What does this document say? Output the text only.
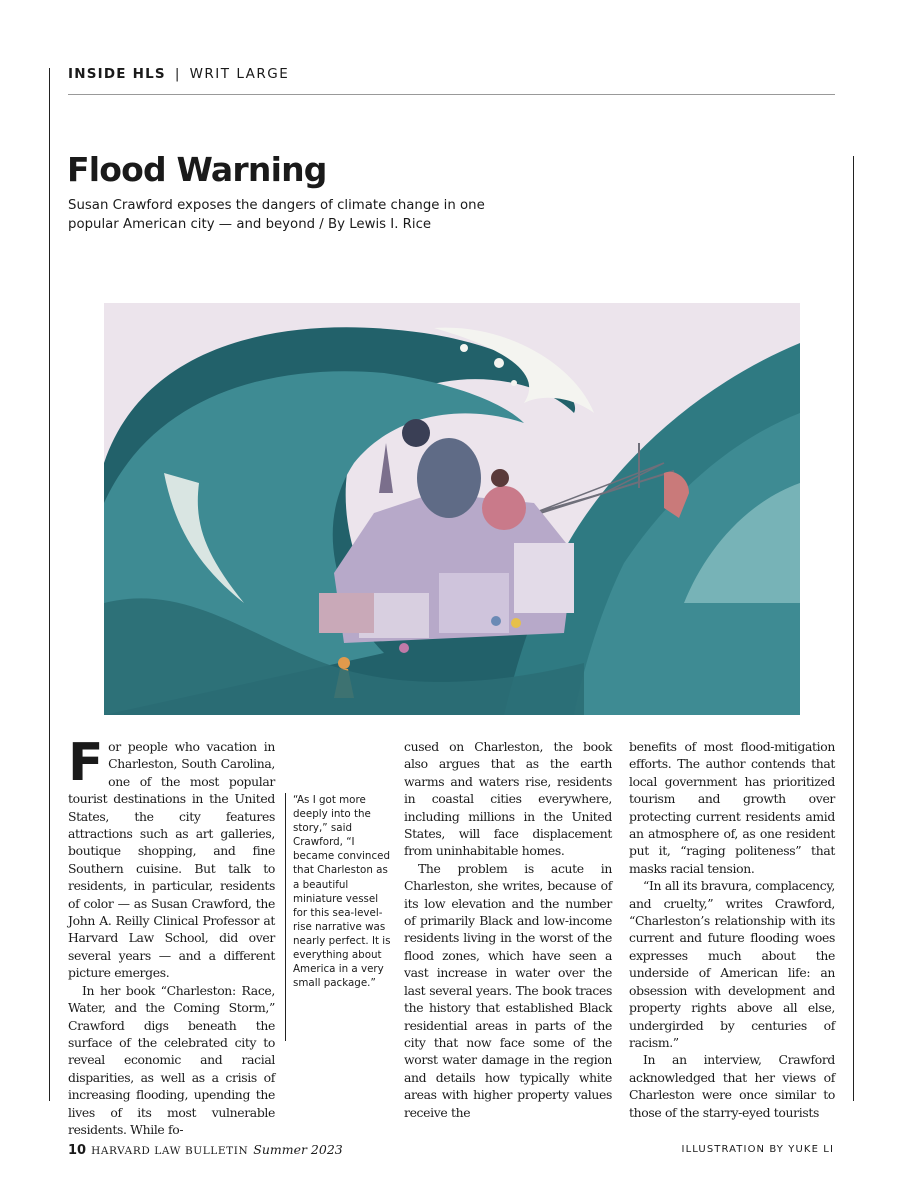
INSIDE HLS | WRIT LARGE
Flood Warning
Susan Crawford exposes the dangers of climate change in one popular American city — and beyond / By Lewis I. Rice

For people who vacation in Charleston, South Carolina, one of the most popular tourist destinations in the United States, the city features attractions such as art galleries, boutique shopping, and fine Southern cuisine. But talk to residents, in particular, residents of color — as Susan Crawford, the John A. Reilly Clinical Professor at Harvard Law School, did over several years — and a different picture emerges.

In her book “Charleston: Race, Water, and the Coming Storm,” Crawford digs beneath the surface of the celebrated city to reveal economic and racial disparities, as well as a crisis of increasing flooding, upending the lives of its most vulnerable residents. While fo-

“As I got more deeply into the story,” said Crawford, “I became convinced that Charleston as a beautiful miniature vessel for this sea-level-rise narrative was nearly perfect. It is everything about America in a very small package.”

cused on Charleston, the book also argues that as the earth warms and waters rise, residents in coastal cities everywhere, including millions in the United States, will face displacement from uninhabitable homes.

The problem is acute in Charleston, she writes, because of its low elevation and the number of primarily Black and low-income residents living in the worst of the flood zones, which have seen a vast increase in water over the last several years. The book traces the history that established Black residential areas in parts of the city that now face some of the worst water damage in the region and details how typically white areas with higher property values receive the

benefits of most flood-mitigation efforts. The author contends that local government has prioritized tourism and growth over protecting current residents amid an atmosphere of, as one resident put it, “raging politeness” that masks racial tension.

“In all its bravura, complacency, and cruelty,” writes Crawford, “Charleston’s relationship with its current and future flooding woes expresses much about the underside of American life: an obsession with development and property rights above all else, undergirded by centuries of racism.”

In an interview, Crawford acknowledged that her views of Charleston were once similar to those of the starry-eyed tourists

10 HARVARD LAW BULLETIN Summer 2023	ILLUSTRATION BY YUKE LI
